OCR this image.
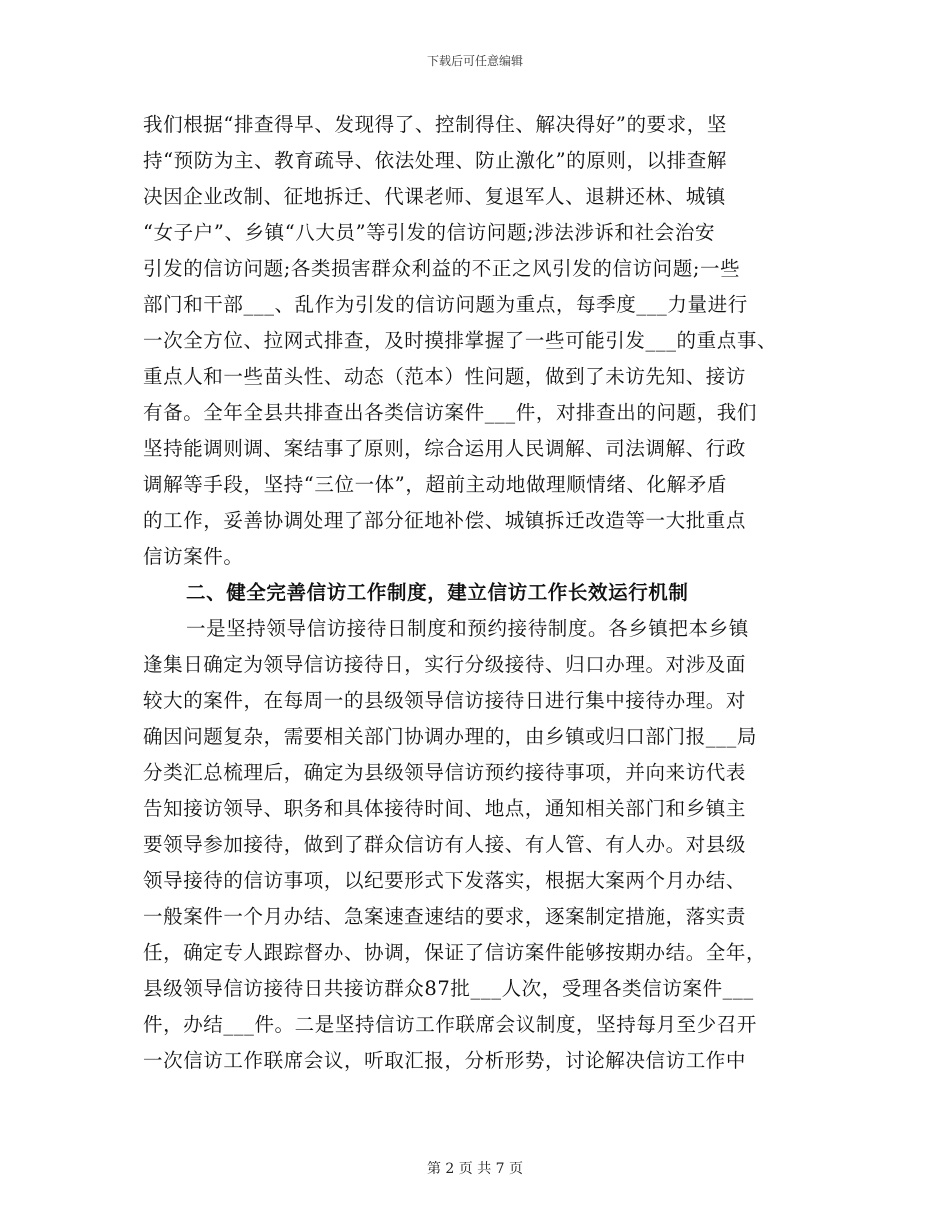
下载后可任意编辑
我们根据“排查得早、发现得了、控制得住、解决得好”的要求，坚
持“预防为主、教育疏导、依法处理、防止激化”的原则，以排查解
决因企业改制、征地拆迁、代课老师、复退军人、退耕还林、城镇
“女子户”、乡镇“八大员”等引发的信访问题;涉法涉诉和社会治安
引发的信访问题;各类损害群众利益的不正之风引发的信访问题;一些
部门和干部___、乱作为引发的信访问题为重点，每季度___力量进行
一次全方位、拉网式排查，及时摸排掌握了一些可能引发___的重点事、
重点人和一些苗头性、动态（范本）性问题，做到了未访先知、接访
有备。全年全县共排查出各类信访案件___件，对排查出的问题，我们
坚持能调则调、案结事了原则，综合运用人民调解、司法调解、行政
调解等手段，坚持“三位一体”，超前主动地做理顺情绪、化解矛盾
的工作，妥善协调处理了部分征地补偿、城镇拆迁改造等一大批重点
信访案件。
二、健全完善信访工作制度，建立信访工作长效运行机制
一是坚持领导信访接待日制度和预约接待制度。各乡镇把本乡镇
逢集日确定为领导信访接待日，实行分级接待、归口办理。对涉及面
较大的案件，在每周一的县级领导信访接待日进行集中接待办理。对
确因问题复杂，需要相关部门协调办理的，由乡镇或归口部门报___局
分类汇总梳理后，确定为县级领导信访预约接待事项，并向来访代表
告知接访领导、职务和具体接待时间、地点，通知相关部门和乡镇主
要领导参加接待，做到了群众信访有人接、有人管、有人办。对县级
领导接待的信访事项，以纪要形式下发落实，根据大案两个月办结、
一般案件一个月办结、急案速查速结的要求，逐案制定措施，落实责
任，确定专人跟踪督办、协调，保证了信访案件能够按期办结。全年，
县级领导信访接待日共接访群众87批___人次，受理各类信访案件___
件，办结___件。二是坚持信访工作联席会议制度，坚持每月至少召开
一次信访工作联席会议，听取汇报，分析形势，讨论解决信访工作中
第 2 页 共 7 页
